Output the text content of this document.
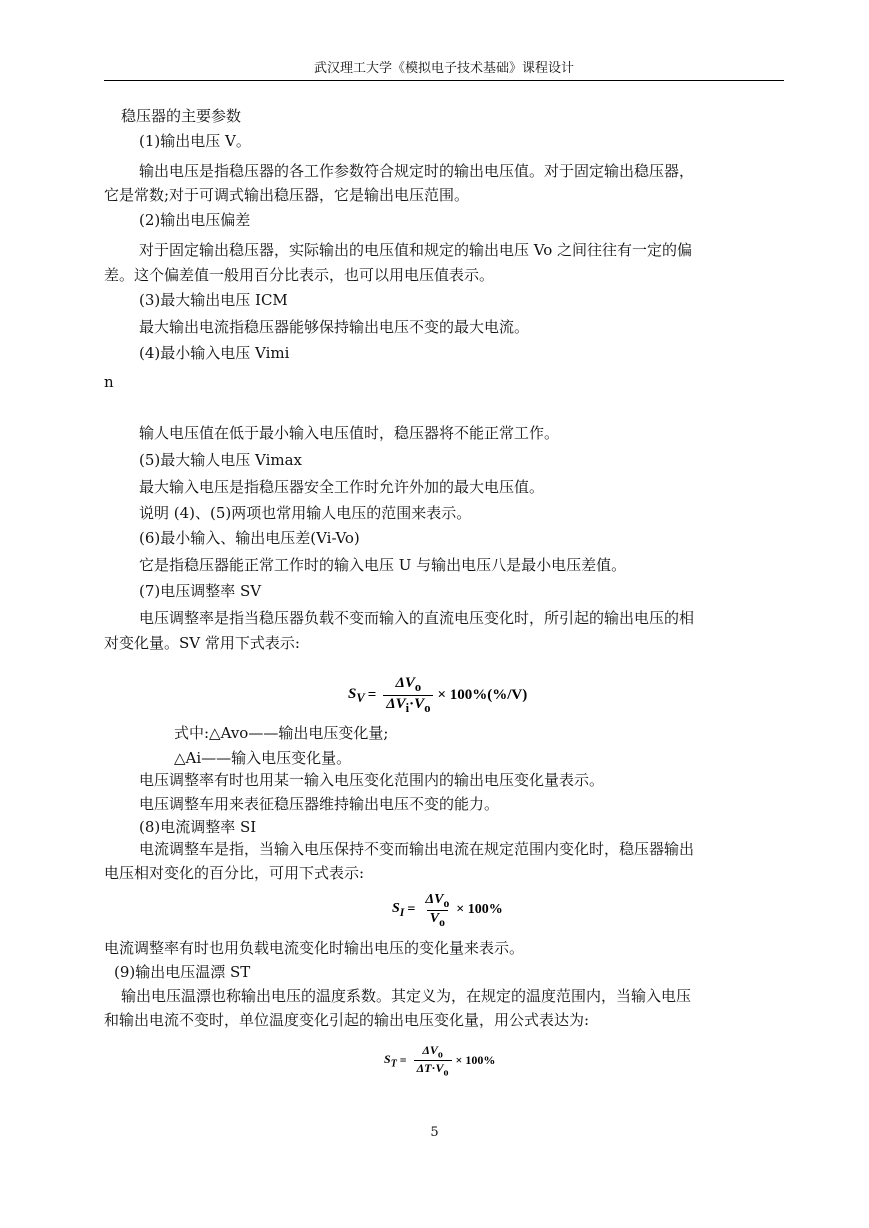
武汉理工大学《模拟电子技术基础》课程设计
稳压器的主要参数
(1)输出电压 V。
输出电压是指稳压器的各工作参数符合规定时的输出电压值。对于固定输出稳压器，
它是常数;对于可调式输出稳压器，它是输出电压范围。
(2)输出电压偏差
对于固定输出稳压器，实际输出的电压值和规定的输出电压 Vo 之间往往有一定的偏
差。这个偏差值一般用百分比表示，也可以用电压值表示。
(3)最大输出电压 ICM
最大输出电流指稳压器能够保持输出电压不变的最大电流。
(4)最小输入电压 Vimi
n
输人电压值在低于最小输入电压值时，稳压器将不能正常工作。
(5)最大输人电压 Vimax
最大输入电压是指稳压器安全工作时允许外加的最大电压值。
说明 (4)、(5)两项也常用输人电压的范围来表示。
(6)最小输入、输出电压差(Vi-Vo)
它是指稳压器能正常工作时的输入电压 U 与输出电压八是最小电压差值。
(7)电压调整率 SV
电压调整率是指当稳压器负载不变而输入的直流电压变化时，所引起的输出电压的相
对变化量。SV 常用下式表示:
$S_V = \frac{\Delta V_o}{\Delta V_i\cdot V_o} \times 100\%(\%/V)$
式中:△Avo——输出电压变化量;
△Ai——输入电压变化量。
电压调整率有时也用某一输入电压变化范围内的输出电压变化量表示。
电压调整车用来表征稳压器维持输出电压不变的能力。
(8)电流调整率 SI
电流调整车是指，当输入电压保持不变而输出电流在规定范围内变化时，稳压器输出
电压相对变化的百分比，可用下式表示:
$S_I = \frac{\Delta V_o}{V_o} \times 100\%$
电流调整率有时也用负载电流变化时输出电压的变化量来表示。
(9)输出电压温漂 ST
输出电压温漂也称输出电压的温度系数。其定义为，在规定的温度范围内，当输入电压
和输出电流不变时，单位温度变化引起的输出电压变化量，用公式表达为:
$S_T = \frac{\Delta V_o}{\Delta T\cdot V_o} \times 100\%$
5
